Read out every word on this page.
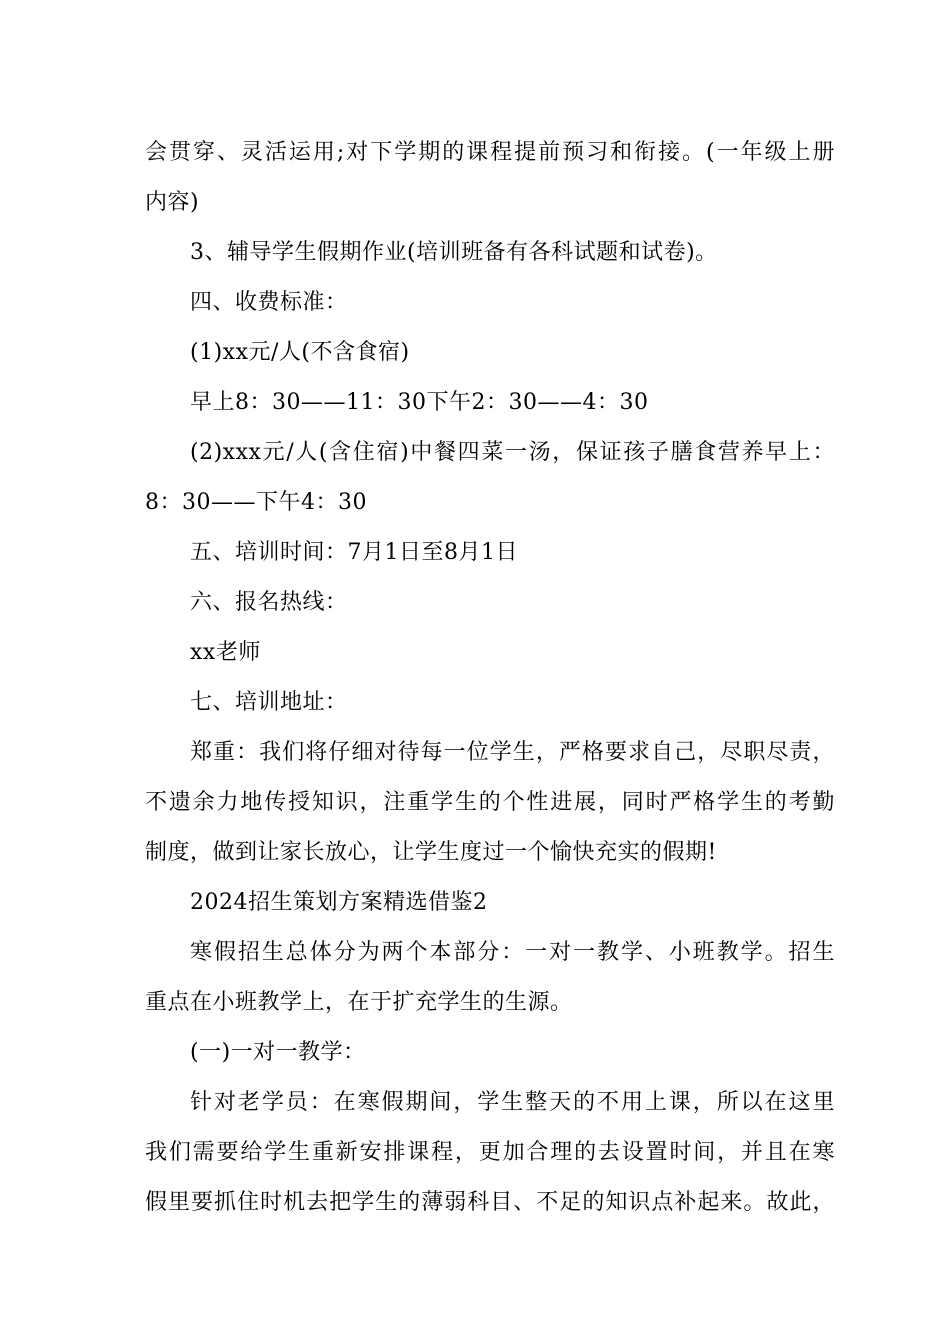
会贯穿、灵活运用;对下学期的课程提前预习和衔接。(一年级上册
内容)
3、辅导学生假期作业(培训班备有各科试题和试卷)。
四、收费标准：
(1)xx元/人(不含食宿)
早上8：30——11：30下午2：30——4：30
(2)xxx元/人(含住宿)中餐四菜一汤，保证孩子膳食营养早上：
8：30——下午4：30
五、培训时间：7月1日至8月1日
六、报名热线：
xx老师
七、培训地址：
郑重：我们将仔细对待每一位学生，严格要求自己，尽职尽责，
不遗余力地传授知识，注重学生的个性进展，同时严格学生的考勤
制度，做到让家长放心，让学生度过一个愉快充实的假期!
2024招生策划方案精选借鉴2
寒假招生总体分为两个本部分：一对一教学、小班教学。招生
重点在小班教学上，在于扩充学生的生源。
(一)一对一教学：
针对老学员：在寒假期间，学生整天的不用上课，所以在这里
我们需要给学生重新安排课程，更加合理的去设置时间，并且在寒
假里要抓住时机去把学生的薄弱科目、不足的知识点补起来。故此，
